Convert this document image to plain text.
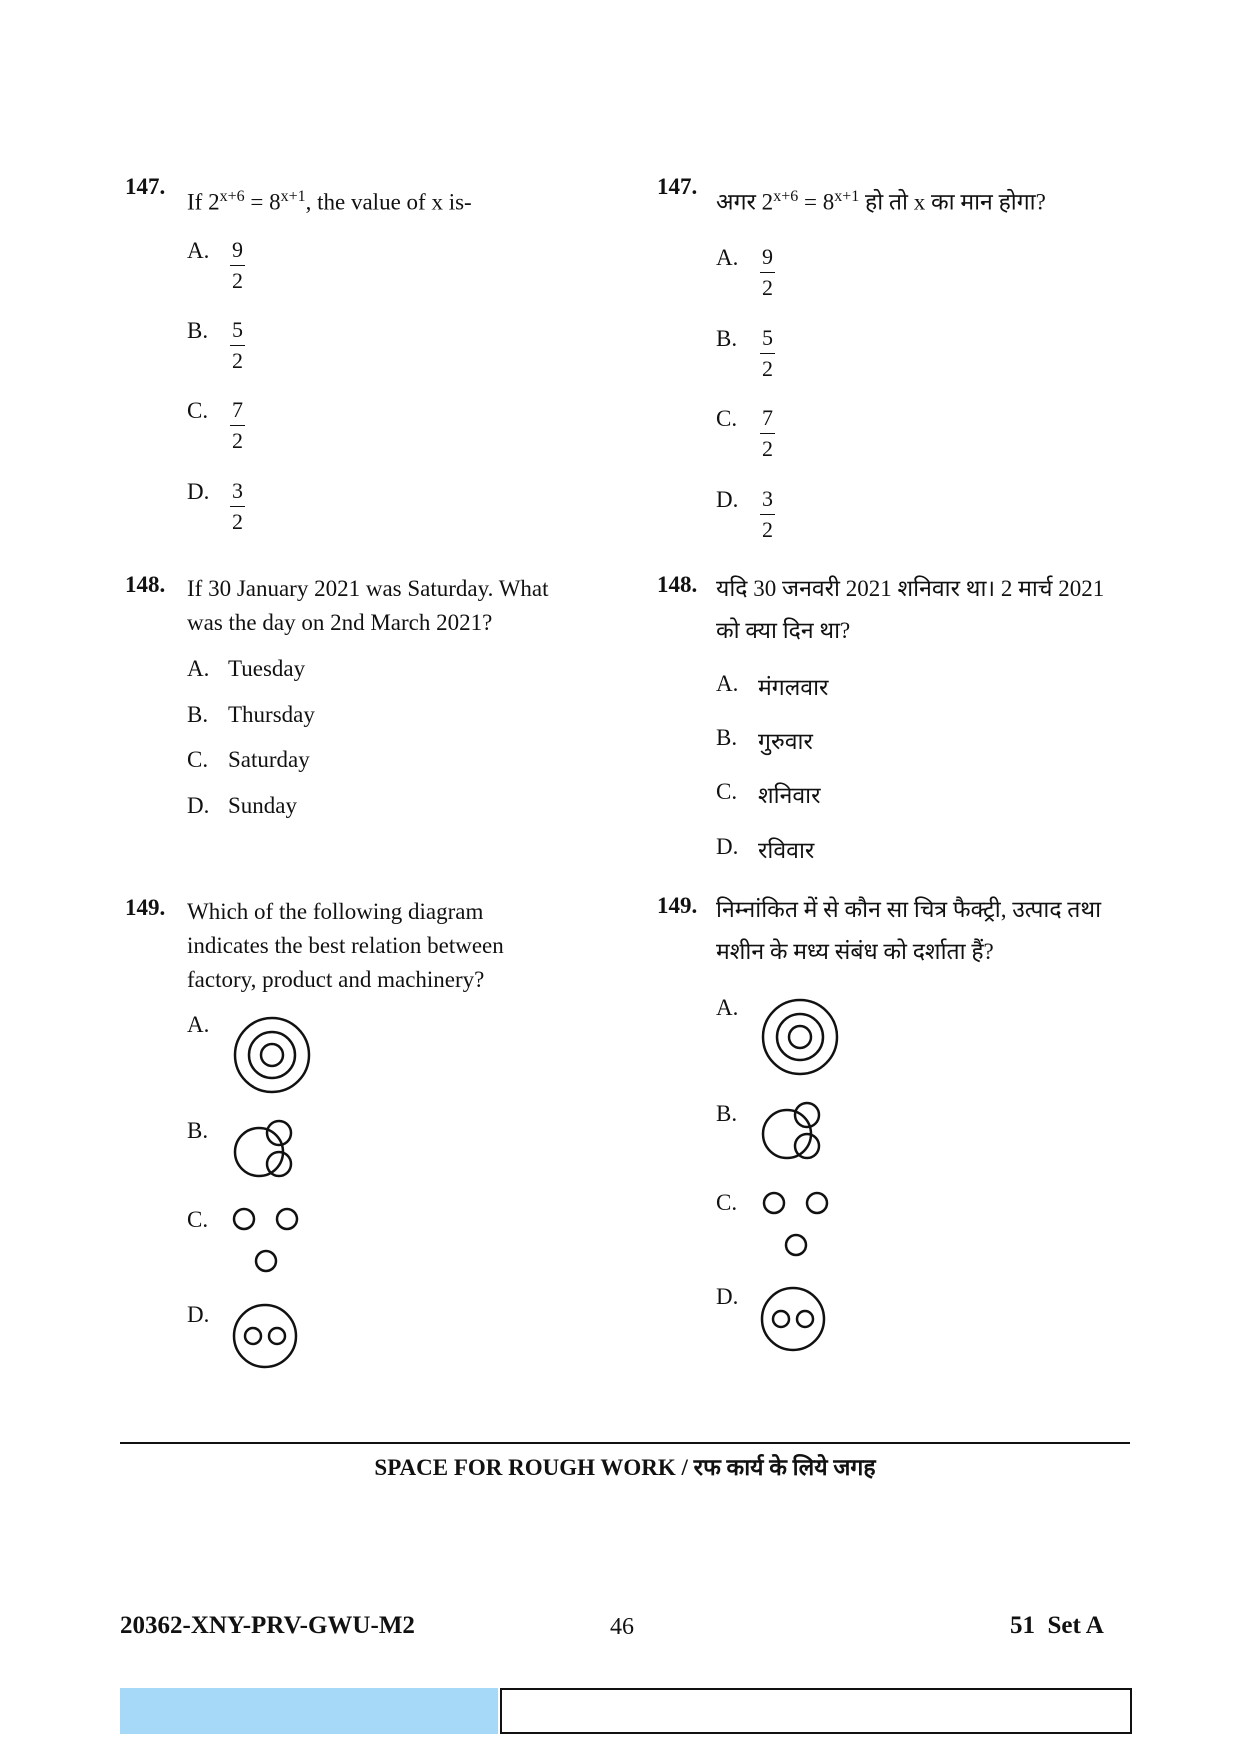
147.
If $2^{x+6} = 8^{x+1}$, the value of x is-
A. $\frac{9}{2}$
B. $\frac{5}{2}$
C. $\frac{7}{2}$
D. $\frac{3}{2}$
148. If 30 January 2021 was Saturday. What
was the day on 2nd March 2021?
A. Tuesday
B. Thursday
C. Saturday
D. Sunday
149. Which of the following diagram
indicates the best relation between
factory, product and machinery?
A.
B.
C.
D.
147.
अगर $2^{x+6} = 8^{x+1}$ हो तो x का मान होगा?
A. $\frac{9}{2}$
B. $\frac{5}{2}$
C. $\frac{7}{2}$
D. $\frac{3}{2}$
148. यदि 30 जनवरी 2021 शनिवार था। 2 मार्च 2021
को क्या दिन था?
A. मंगलवार
B. गुरुवार
C. शनिवार
D. रविवार
149. निम्नांकित में से कौन सा चित्र फैक्ट्री, उत्पाद तथा
मशीन के मध्य संबंध को दर्शाता हैं?
A.
B.
C.
D.
SPACE FOR ROUGH WORK / रफ कार्य के लिये जगह
20362-XNY-PRV-GWU-M2	46	51  Set A
